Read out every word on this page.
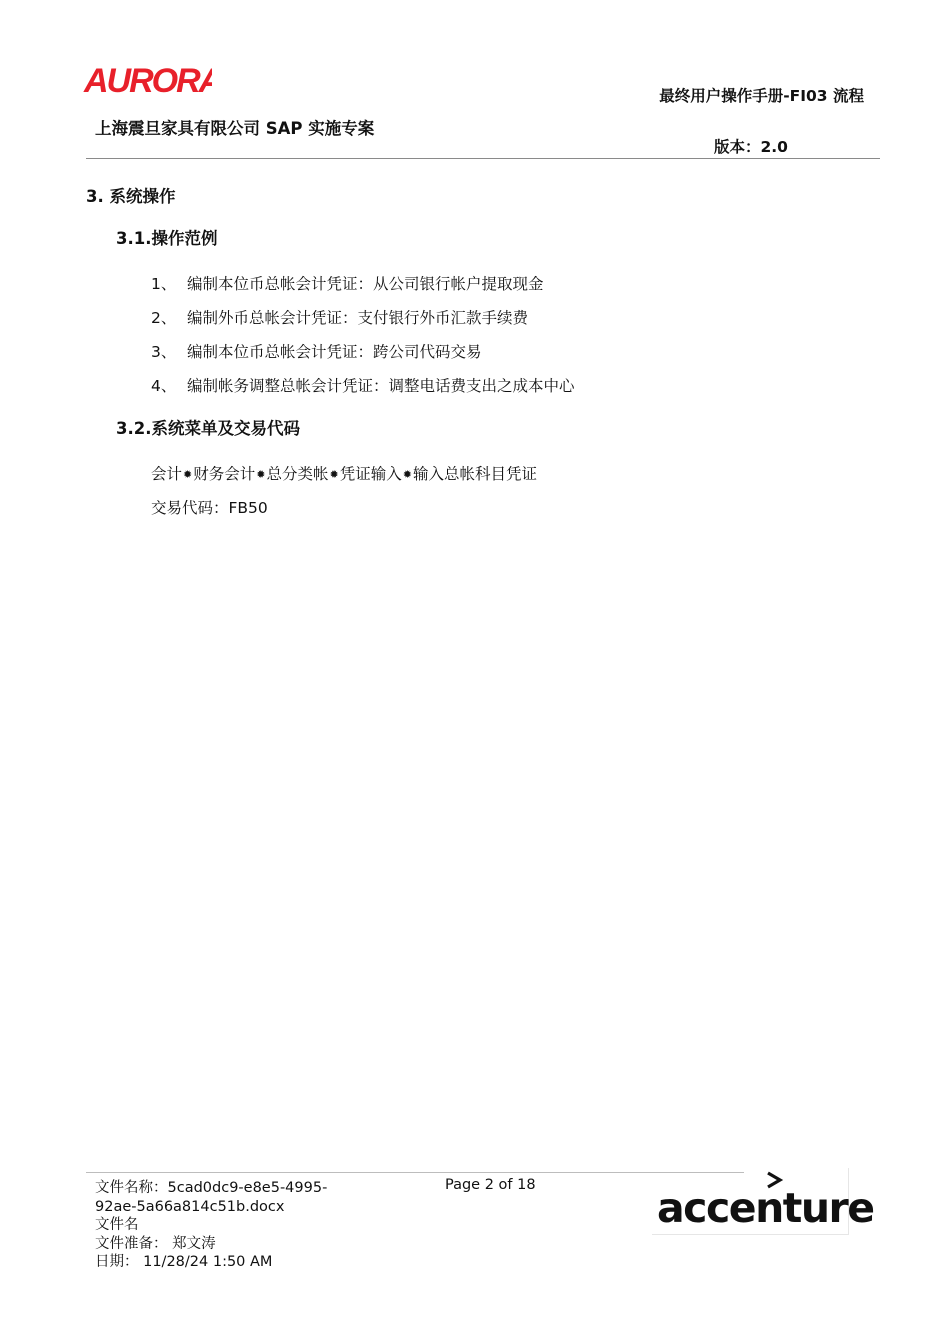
AURORA
上海震旦家具有限公司 SAP 实施专案
最终用户操作手册-FI03 流程
版本：2.0
3. 系统操作
3.1.操作范例
1、 编制本位币总帐会计凭证：从公司银行帐户提取现金
2、 编制外币总帐会计凭证：支付银行外币汇款手续费
3、 编制本位币总帐会计凭证：跨公司代码交易
4、 编制帐务调整总帐会计凭证：调整电话费支出之成本中心
3.2.系统菜单及交易代码
会计✹财务会计✹总分类帐✹凭证输入✹输入总帐科目凭证
交易代码：FB50
文件名称：5cad0dc9-e8e5-4995-
92ae-5a66a814c51b.docx
文件名
文件准备： 郑文涛
日期： 11/28/24 1:50 AM
Page 2 of 18	accenture
